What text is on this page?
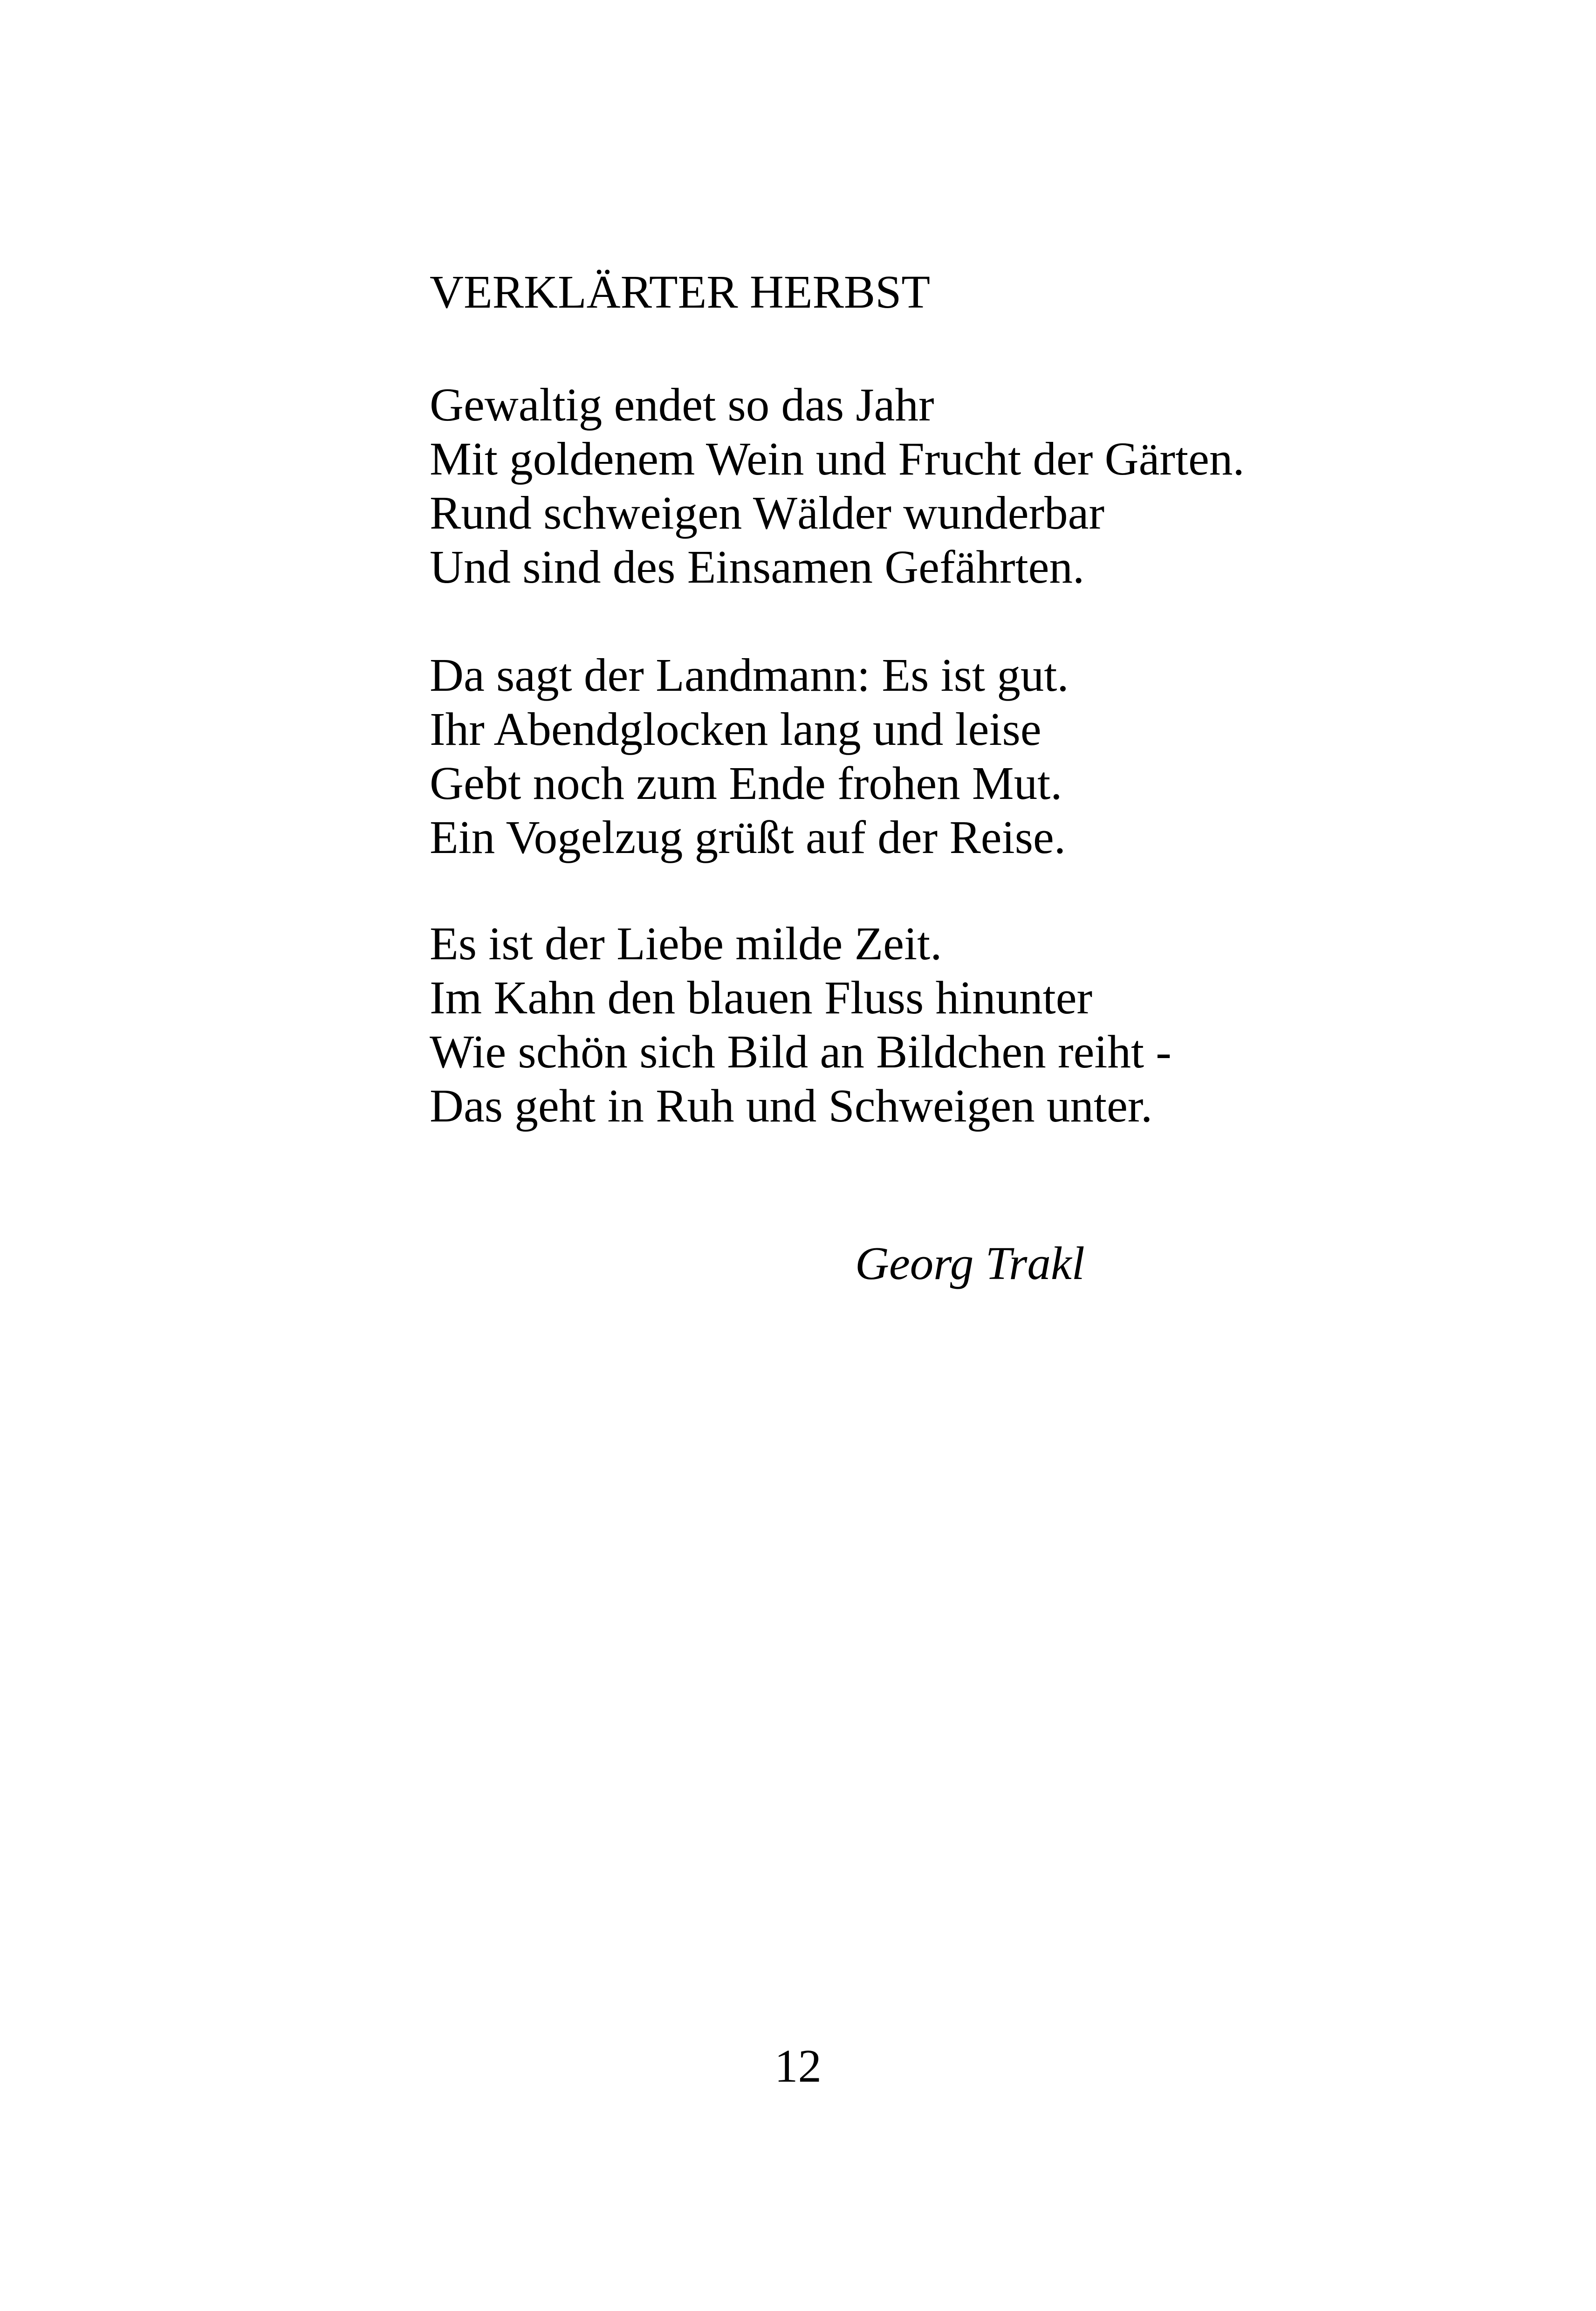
VERKLÄRTER HERBST
Gewaltig endet so das Jahr
Mit goldenem Wein und Frucht der Gärten.
Rund schweigen Wälder wunderbar
Und sind des Einsamen Gefährten.
Da sagt der Landmann: Es ist gut.
Ihr Abendglocken lang und leise
Gebt noch zum Ende frohen Mut.
Ein Vogelzug grüßt auf der Reise.
Es ist der Liebe milde Zeit.
Im Kahn den blauen Fluss hinunter
Wie schön sich Bild an Bildchen reiht -
Das geht in Ruh und Schweigen unter.
Georg Trakl
12
